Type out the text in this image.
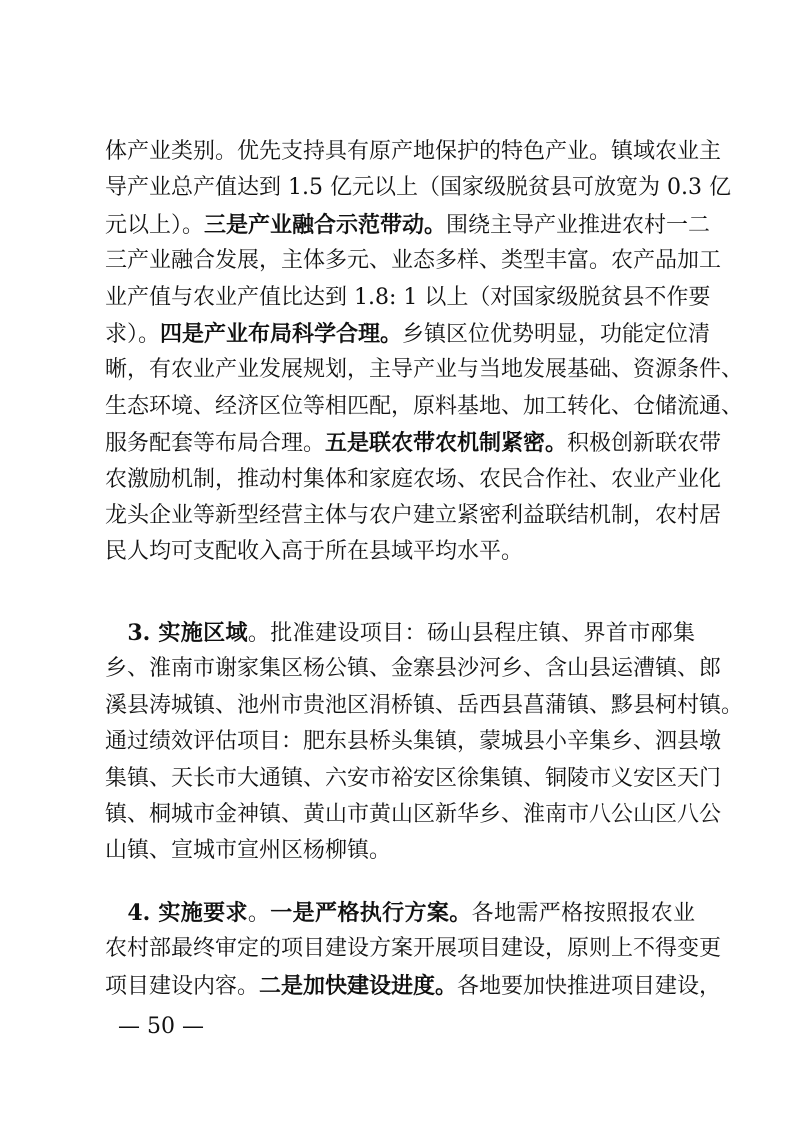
体产业类别。优先支持具有原产地保护的特色产业。镇域农业主
导产业总产值达到 1.5 亿元以上（国家级脱贫县可放宽为 0.3 亿
元以上）。三是产业融合示范带动。围绕主导产业推进农村一二
三产业融合发展，主体多元、业态多样、类型丰富。农产品加工
业产值与农业产值比达到 1.8: 1 以上（对国家级脱贫县不作要
求）。四是产业布局科学合理。乡镇区位优势明显，功能定位清
晰，有农业产业发展规划，主导产业与当地发展基础、资源条件、
生态环境、经济区位等相匹配，原料基地、加工转化、仓储流通、
服务配套等布局合理。五是联农带农机制紧密。积极创新联农带
农激励机制，推动村集体和家庭农场、农民合作社、农业产业化
龙头企业等新型经营主体与农户建立紧密利益联结机制，农村居
民人均可支配收入高于所在县域平均水平。
　3. 实施区域。批准建设项目：砀山县程庄镇、界首市邴集
乡、淮南市谢家集区杨公镇、金寨县沙河乡、含山县运漕镇、郎
溪县涛城镇、池州市贵池区涓桥镇、岳西县菖蒲镇、黟县柯村镇。
通过绩效评估项目：肥东县桥头集镇，蒙城县小辛集乡、泗县墩
集镇、天长市大通镇、六安市裕安区徐集镇、铜陵市义安区天门
镇、桐城市金神镇、黄山市黄山区新华乡、淮南市八公山区八公
山镇、宣城市宣州区杨柳镇。
　4. 实施要求。一是严格执行方案。各地需严格按照报农业
农村部最终审定的项目建设方案开展项目建设，原则上不得变更
项目建设内容。二是加快建设进度。各地要加快推进项目建设，
— 50 —
